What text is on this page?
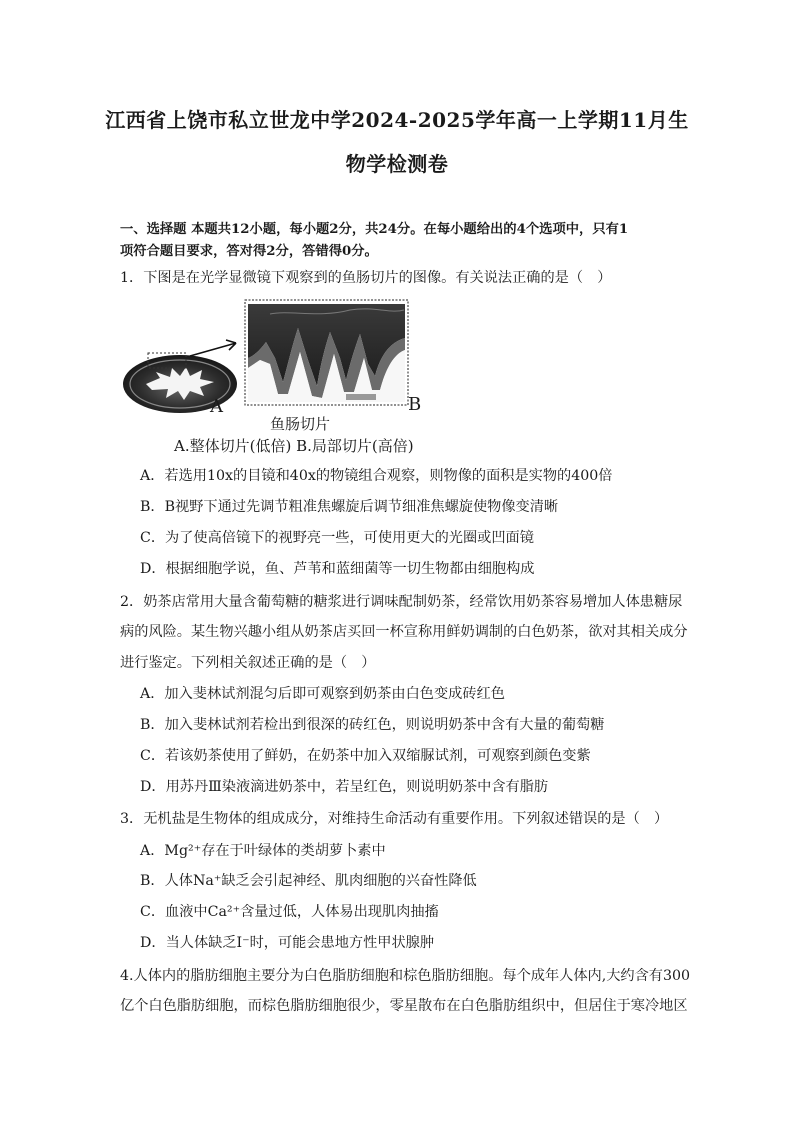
江西省上饶市私立世龙中学2024-2025学年高一上学期11月生
物学检测卷
一、选择题 本题共12小题，每小题2分，共24分。在每小题给出的4个选项中，只有1
项符合题目要求，答对得2分，答错得0分。
1．下图是在光学显微镜下观察到的鱼肠切片的图像。有关说法正确的是（　）
A	B
鱼肠切片
A.整体切片(低倍) B.局部切片(高倍)
A．若选用10x的目镜和40x的物镜组合观察，则物像的面积是实物的400倍
B．B视野下通过先调节粗准焦螺旋后调节细准焦螺旋使物像变清晰
C．为了使高倍镜下的视野亮一些，可使用更大的光圈或凹面镜
D．根据细胞学说，鱼、芦苇和蓝细菌等一切生物都由细胞构成
2．奶茶店常用大量含葡萄糖的糖浆进行调味配制奶茶，经常饮用奶茶容易增加人体患糖尿
病的风险。某生物兴趣小组从奶茶店买回一杯宣称用鲜奶调制的白色奶茶，欲对其相关成分
进行鉴定。下列相关叙述正确的是（　）
A．加入斐林试剂混匀后即可观察到奶茶由白色变成砖红色
B．加入斐林试剂若检出到很深的砖红色，则说明奶茶中含有大量的葡萄糖
C．若该奶茶使用了鲜奶，在奶茶中加入双缩脲试剂，可观察到颜色变紫
D．用苏丹Ⅲ染液滴进奶茶中，若呈红色，则说明奶茶中含有脂肪
3．无机盐是生物体的组成成分，对维持生命活动有重要作用。下列叙述错误的是（　）
A．Mg²⁺存在于叶绿体的类胡萝卜素中
B．人体Na⁺缺乏会引起神经、肌肉细胞的兴奋性降低
C．血液中Ca²⁺含量过低，人体易出现肌肉抽搐
D．当人体缺乏I⁻时，可能会患地方性甲状腺肿
4.人体内的脂肪细胞主要分为白色脂肪细胞和棕色脂肪细胞。每个成年人体内,大约含有300
亿个白色脂肪细胞，而棕色脂肪细胞很少，零星散布在白色脂肪组织中，但居住于寒冷地区
